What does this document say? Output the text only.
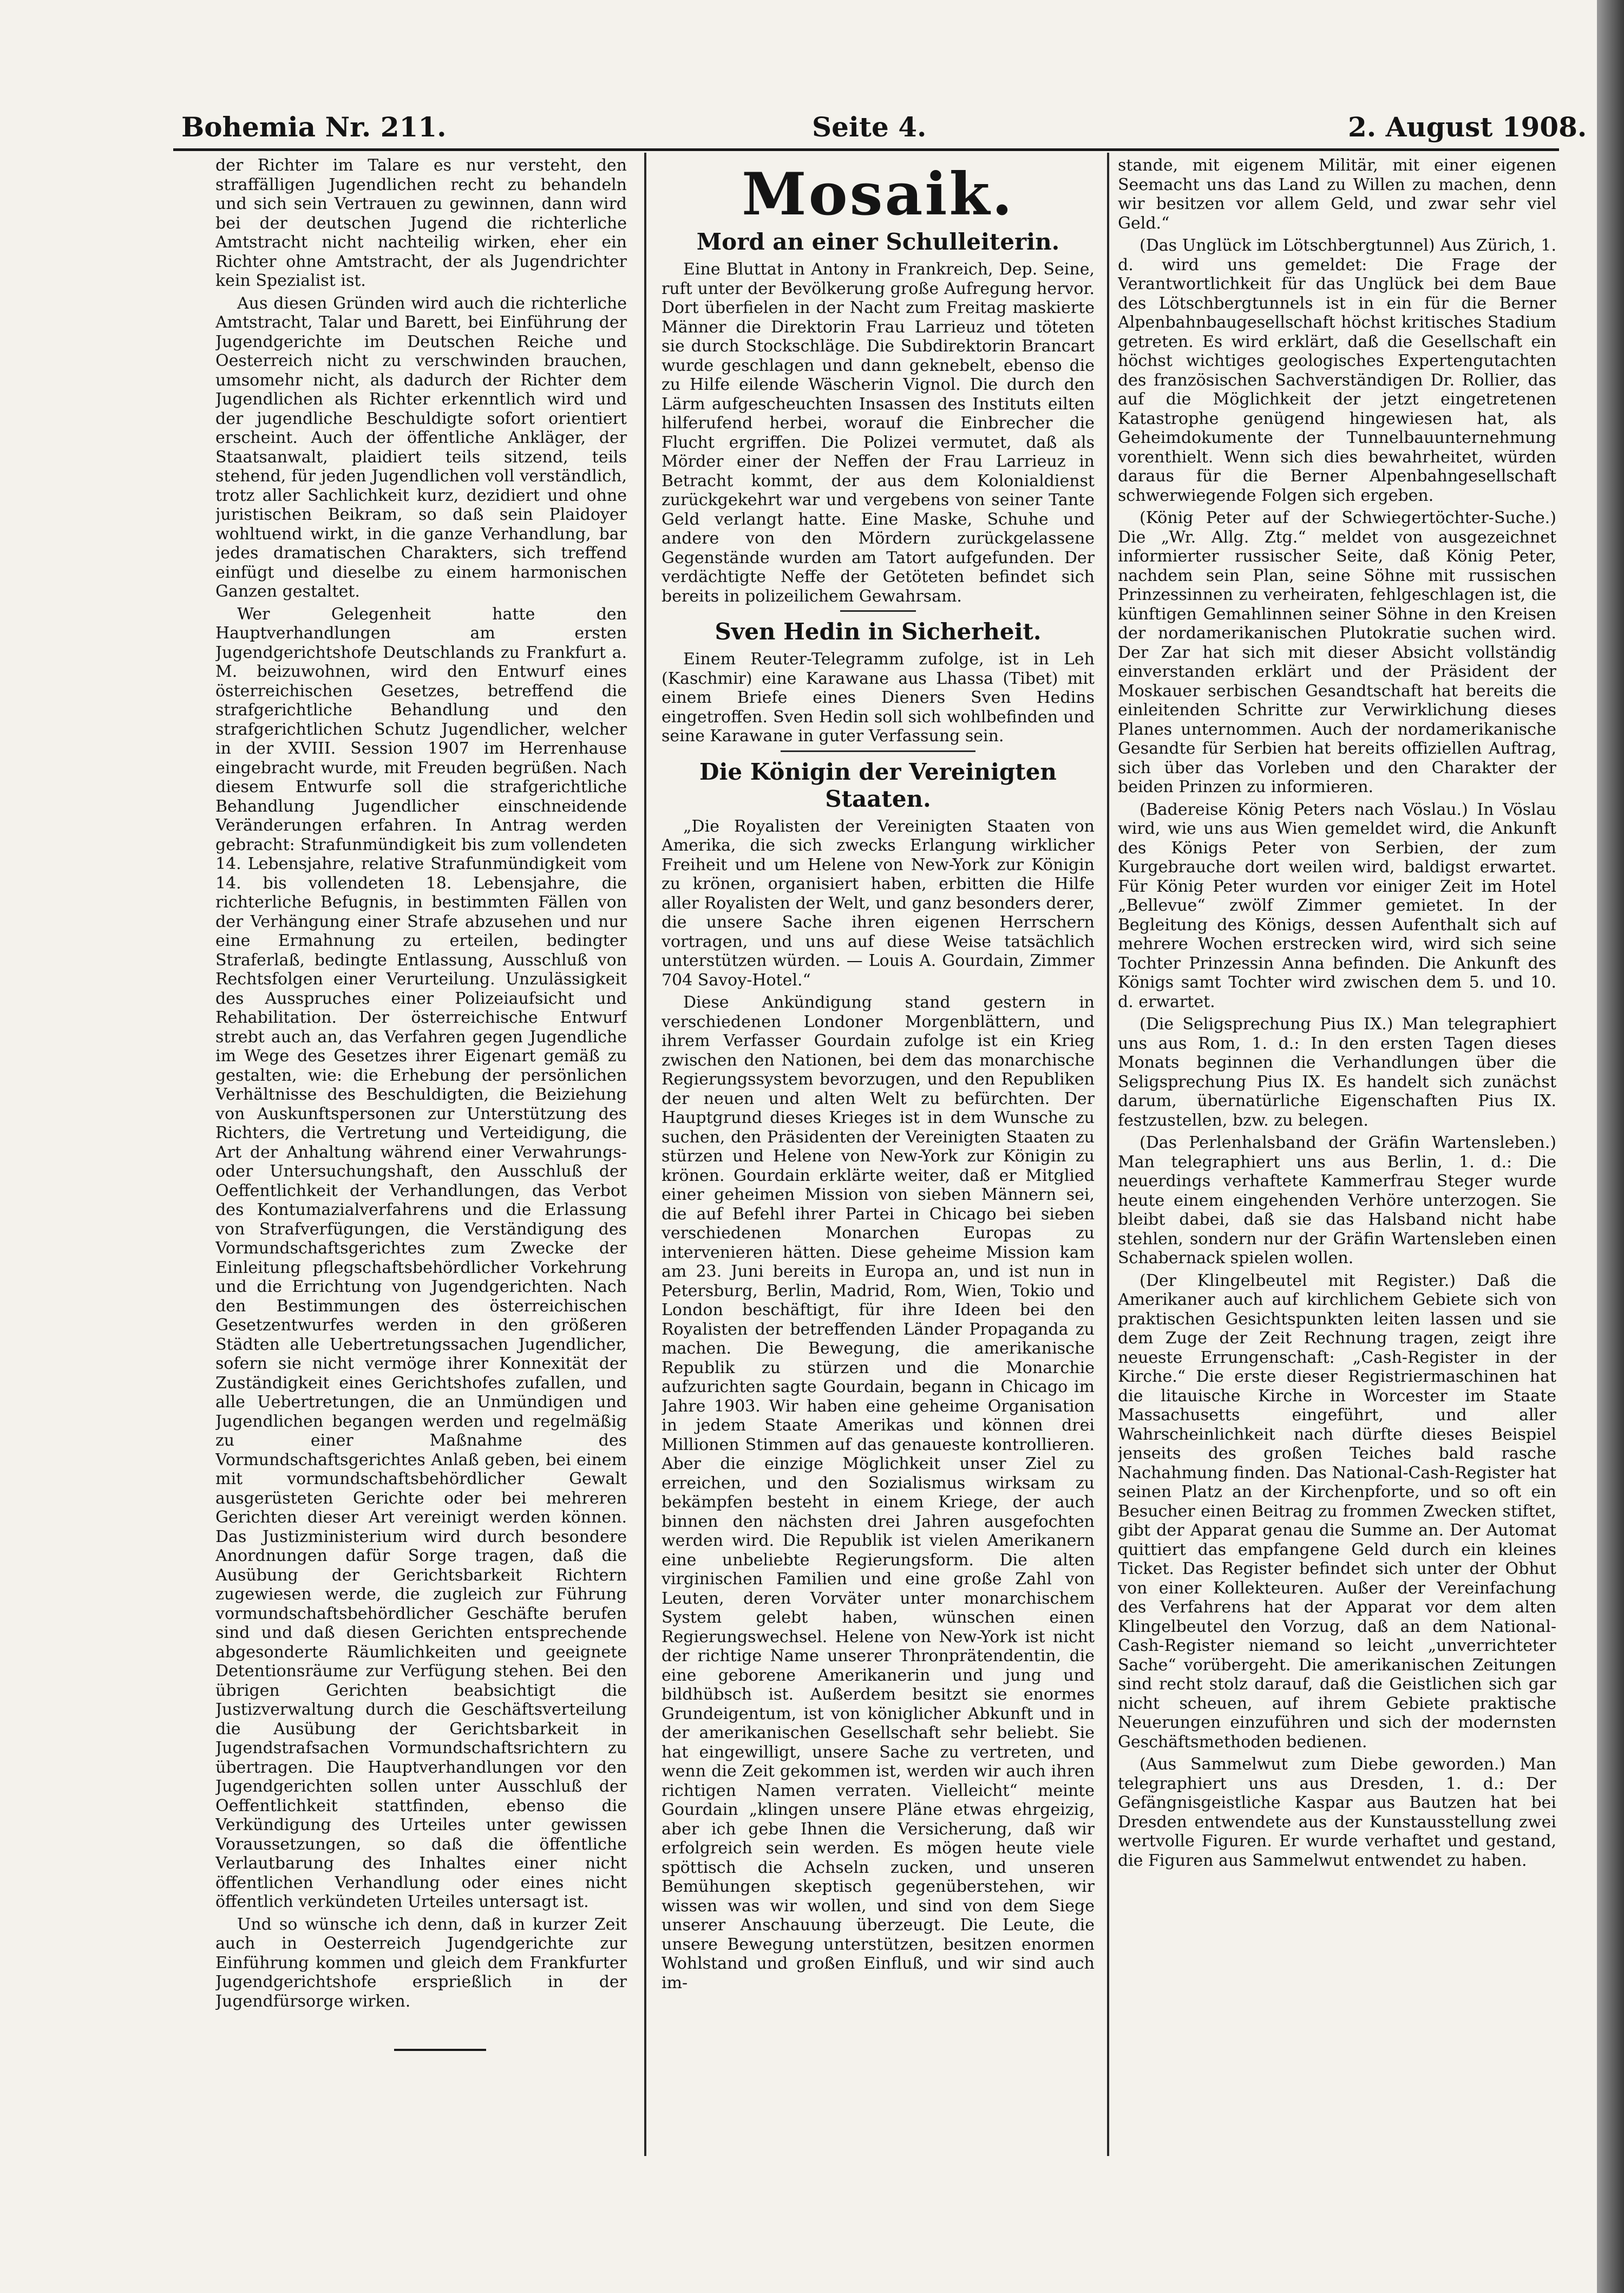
Bohemia Nr. 211.	Seite 4.	2. August 1908.

der Richter im Talare es nur versteht, den straffälligen Jugendlichen recht zu behandeln und sich sein Vertrauen zu gewinnen, dann wird bei der deutschen Jugend die richterliche Amtstracht nicht nachteilig wirken, eher ein Richter ohne Amtstracht, der als Jugendrichter kein Spezialist ist.

Aus diesen Gründen wird auch die richterliche Amtstracht, Talar und Barett, bei Einführung der Jugendgerichte im Deutschen Reiche und Oesterreich nicht zu verschwinden brauchen, umsomehr nicht, als dadurch der Richter dem Jugendlichen als Richter erkenntlich wird und der jugendliche Beschuldigte sofort orientiert erscheint. Auch der öffentliche Ankläger, der Staatsanwalt, plaidiert teils sitzend, teils stehend, für jeden Jugendlichen voll verständlich, trotz aller Sachlichkeit kurz, dezidiert und ohne juristischen Beikram, so daß sein Plaidoyer wohltuend wirkt, in die ganze Verhandlung, bar jedes dramatischen Charakters, sich treffend einfügt und dieselbe zu einem harmonischen Ganzen gestaltet.

Wer Gelegenheit hatte den Hauptverhandlungen am ersten Jugendgerichtshofe Deutschlands zu Frankfurt a. M. beizuwohnen, wird den Entwurf eines österreichischen Gesetzes, betreffend die strafgerichtliche Behandlung und den strafgerichtlichen Schutz Jugendlicher, welcher in der XVIII. Session 1907 im Herrenhause eingebracht wurde, mit Freuden begrüßen. Nach diesem Entwurfe soll die strafgerichtliche Behandlung Jugendlicher einschneidende Veränderungen erfahren. In Antrag werden gebracht: Strafunmündigkeit bis zum vollendeten 14. Lebensjahre, relative Strafunmündigkeit vom 14. bis vollendeten 18. Lebensjahre, die richterliche Befugnis, in bestimmten Fällen von der Verhängung einer Strafe abzusehen und nur eine Ermahnung zu erteilen, bedingter Straferlaß, bedingte Entlassung, Ausschluß von Rechtsfolgen einer Verurteilung. Unzulässigkeit des Ausspruches einer Polizeiaufsicht und Rehabilitation. Der österreichische Entwurf strebt auch an, das Verfahren gegen Jugendliche im Wege des Gesetzes ihrer Eigenart gemäß zu gestalten, wie: die Erhebung der persönlichen Verhältnisse des Beschuldigten, die Beiziehung von Auskunftspersonen zur Unterstützung des Richters, die Vertretung und Verteidigung, die Art der Anhaltung während einer Verwahrungs- oder Untersuchungshaft, den Ausschluß der Oeffentlichkeit der Verhandlungen, das Verbot des Kontumazialverfahrens und die Erlassung von Strafverfügungen, die Verständigung des Vormundschaftsgerichtes zum Zwecke der Einleitung pflegschaftsbehördlicher Vorkehrung und die Errichtung von Jugendgerichten. Nach den Bestimmungen des österreichischen Gesetzentwurfes werden in den größeren Städten alle Uebertretungssachen Jugendlicher, sofern sie nicht vermöge ihrer Konnexität der Zuständigkeit eines Gerichtshofes zufallen, und alle Uebertretungen, die an Unmündigen und Jugendlichen begangen werden und regelmäßig zu einer Maßnahme des Vormundschaftsgerichtes Anlaß geben, bei einem mit vormundschaftsbehördlicher Gewalt ausgerüsteten Gerichte oder bei mehreren Gerichten dieser Art vereinigt werden können. Das Justizministerium wird durch besondere Anordnungen dafür Sorge tragen, daß die Ausübung der Gerichtsbarkeit Richtern zugewiesen werde, die zugleich zur Führung vormundschaftsbehördlicher Geschäfte berufen sind und daß diesen Gerichten entsprechende abgesonderte Räumlichkeiten und geeignete Detentionsräume zur Verfügung stehen. Bei den übrigen Gerichten beabsichtigt die Justizverwaltung durch die Geschäftsverteilung die Ausübung der Gerichtsbarkeit in Jugendstrafsachen Vormundschaftsrichtern zu übertragen. Die Hauptverhandlungen vor den Jugendgerichten sollen unter Ausschluß der Oeffentlichkeit stattfinden, ebenso die Verkündigung des Urteiles unter gewissen Voraussetzungen, so daß die öffentliche Verlautbarung des Inhaltes einer nicht öffentlichen Verhandlung oder eines nicht öffentlich verkündeten Urteiles untersagt ist.

Und so wünsche ich denn, daß in kurzer Zeit auch in Oesterreich Jugendgerichte zur Einführung kommen und gleich dem Frankfurter Jugendgerichtshofe ersprießlich in der Jugendfürsorge wirken.

Mosaik.
Mord an einer Schulleiterin.

Eine Bluttat in Antony in Frankreich, Dep. Seine, ruft unter der Bevölkerung große Aufregung hervor. Dort überfielen in der Nacht zum Freitag maskierte Männer die Direktorin Frau Larrieuz und töteten sie durch Stockschläge. Die Subdirektorin Brancart wurde geschlagen und dann geknebelt, ebenso die zu Hilfe eilende Wäscherin Vignol. Die durch den Lärm aufgescheuchten Insassen des Instituts eilten hilferufend herbei, worauf die Einbrecher die Flucht ergriffen. Die Polizei vermutet, daß als Mörder einer der Neffen der Frau Larrieuz in Betracht kommt, der aus dem Kolonialdienst zurückgekehrt war und vergebens von seiner Tante Geld verlangt hatte. Eine Maske, Schuhe und andere von den Mördern zurückgelassene Gegenstände wurden am Tatort aufgefunden. Der verdächtigte Neffe der Getöteten befindet sich bereits in polizeilichem Gewahrsam.

Sven Hedin in Sicherheit.

Einem Reuter-Telegramm zufolge, ist in Leh (Kaschmir) eine Karawane aus Lhassa (Tibet) mit einem Briefe eines Dieners Sven Hedins eingetroffen. Sven Hedin soll sich wohlbefinden und seine Karawane in guter Verfassung sein.

Die Königin der Vereinigten Staaten.

„Die Royalisten der Vereinigten Staaten von Amerika, die sich zwecks Erlangung wirklicher Freiheit und um Helene von New-York zur Königin zu krönen, organisiert haben, erbitten die Hilfe aller Royalisten der Welt, und ganz besonders derer, die unsere Sache ihren eigenen Herrschern vortragen, und uns auf diese Weise tatsächlich unterstützen würden. — Louis A. Gourdain, Zimmer 704 Savoy-Hotel.“

Diese Ankündigung stand gestern in verschiedenen Londoner Morgenblättern, und ihrem Verfasser Gourdain zufolge ist ein Krieg zwischen den Nationen, bei dem das monarchische Regierungssystem bevorzugen, und den Republiken der neuen und alten Welt zu befürchten. Der Hauptgrund dieses Krieges ist in dem Wunsche zu suchen, den Präsidenten der Vereinigten Staaten zu stürzen und Helene von New-York zur Königin zu krönen. Gourdain erklärte weiter, daß er Mitglied einer geheimen Mission von sieben Männern sei, die auf Befehl ihrer Partei in Chicago bei sieben verschiedenen Monarchen Europas zu intervenieren hätten. Diese geheime Mission kam am 23. Juni bereits in Europa an, und ist nun in Petersburg, Berlin, Madrid, Rom, Wien, Tokio und London beschäftigt, für ihre Ideen bei den Royalisten der betreffenden Länder Propaganda zu machen. Die Bewegung, die amerikanische Republik zu stürzen und die Monarchie aufzurichten sagte Gourdain, begann in Chicago im Jahre 1903. Wir haben eine geheime Organisation in jedem Staate Amerikas und können drei Millionen Stimmen auf das genaueste kontrollieren. Aber die einzige Möglichkeit unser Ziel zu erreichen, und den Sozialismus wirksam zu bekämpfen besteht in einem Kriege, der auch binnen den nächsten drei Jahren ausgefochten werden wird. Die Republik ist vielen Amerikanern eine unbeliebte Regierungsform. Die alten virginischen Familien und eine große Zahl von Leuten, deren Vorväter unter monarchischem System gelebt haben, wünschen einen Regierungswechsel. Helene von New-York ist nicht der richtige Name unserer Thronprätendentin, die eine geborene Amerikanerin und jung und bildhübsch ist. Außerdem besitzt sie enormes Grundeigentum, ist von königlicher Abkunft und in der amerikanischen Gesellschaft sehr beliebt. Sie hat eingewilligt, unsere Sache zu vertreten, und wenn die Zeit gekommen ist, werden wir auch ihren richtigen Namen verraten. Vielleicht“ meinte Gourdain „klingen unsere Pläne etwas ehrgeizig, aber ich gebe Ihnen die Versicherung, daß wir erfolgreich sein werden. Es mögen heute viele spöttisch die Achseln zucken, und unseren Bemühungen skeptisch gegenüberstehen, wir wissen was wir wollen, und sind von dem Siege unserer Anschauung überzeugt. Die Leute, die unsere Bewegung unterstützen, besitzen enormen Wohlstand und großen Einfluß, und wir sind auch im-

stande, mit eigenem Militär, mit einer eigenen Seemacht uns das Land zu Willen zu machen, denn wir besitzen vor allem Geld, und zwar sehr viel Geld.“

(Das Unglück im Lötschbergtunnel) Aus Zürich, 1. d. wird uns gemeldet: Die Frage der Verantwortlichkeit für das Unglück bei dem Baue des Lötschbergtunnels ist in ein für die Berner Alpenbahnbaugesellschaft höchst kritisches Stadium getreten. Es wird erklärt, daß die Gesellschaft ein höchst wichtiges geologisches Expertengutachten des französischen Sachverständigen Dr. Rollier, das auf die Möglichkeit der jetzt eingetretenen Katastrophe genügend hingewiesen hat, als Geheimdokumente der Tunnelbauunternehmung vorenthielt. Wenn sich dies bewahrheitet, würden daraus für die Berner Alpenbahngesellschaft schwerwiegende Folgen sich ergeben.

(König Peter auf der Schwiegertöchter-Suche.) Die „Wr. Allg. Ztg.“ meldet von ausgezeichnet informierter russischer Seite, daß König Peter, nachdem sein Plan, seine Söhne mit russischen Prinzessinnen zu verheiraten, fehlgeschlagen ist, die künftigen Gemahlinnen seiner Söhne in den Kreisen der nordamerikanischen Plutokratie suchen wird. Der Zar hat sich mit dieser Absicht vollständig einverstanden erklärt und der Präsident der Moskauer serbischen Gesandtschaft hat bereits die einleitenden Schritte zur Verwirklichung dieses Planes unternommen. Auch der nordamerikanische Gesandte für Serbien hat bereits offiziellen Auftrag, sich über das Vorleben und den Charakter der beiden Prinzen zu informieren.

(Badereise König Peters nach Vöslau.) In Vöslau wird, wie uns aus Wien gemeldet wird, die Ankunft des Königs Peter von Serbien, der zum Kurgebrauche dort weilen wird, baldigst erwartet. Für König Peter wurden vor einiger Zeit im Hotel „Bellevue“ zwölf Zimmer gemietet. In der Begleitung des Königs, dessen Aufenthalt sich auf mehrere Wochen erstrecken wird, wird sich seine Tochter Prinzessin Anna befinden. Die Ankunft des Königs samt Tochter wird zwischen dem 5. und 10. d. erwartet.

(Die Seligsprechung Pius IX.) Man telegraphiert uns aus Rom, 1. d.: In den ersten Tagen dieses Monats beginnen die Verhandlungen über die Seligsprechung Pius IX. Es handelt sich zunächst darum, übernatürliche Eigenschaften Pius IX. festzustellen, bzw. zu belegen.

(Das Perlenhalsband der Gräfin Wartensleben.) Man telegraphiert uns aus Berlin, 1. d.: Die neuerdings verhaftete Kammerfrau Steger wurde heute einem eingehenden Verhöre unterzogen. Sie bleibt dabei, daß sie das Halsband nicht habe stehlen, sondern nur der Gräfin Wartensleben einen Schabernack spielen wollen.

(Der Klingelbeutel mit Register.) Daß die Amerikaner auch auf kirchlichem Gebiete sich von praktischen Gesichtspunkten leiten lassen und sie dem Zuge der Zeit Rechnung tragen, zeigt ihre neueste Errungenschaft: „Cash-Register in der Kirche.“ Die erste dieser Registriermaschinen hat die litauische Kirche in Worcester im Staate Massachusetts eingeführt, und aller Wahrscheinlichkeit nach dürfte dieses Beispiel jenseits des großen Teiches bald rasche Nachahmung finden. Das National-Cash-Register hat seinen Platz an der Kirchenpforte, und so oft ein Besucher einen Beitrag zu frommen Zwecken stiftet, gibt der Apparat genau die Summe an. Der Automat quittiert das empfangene Geld durch ein kleines Ticket. Das Register befindet sich unter der Obhut von einer Kollekteuren. Außer der Vereinfachung des Verfahrens hat der Apparat vor dem alten Klingelbeutel den Vorzug, daß an dem National-Cash-Register niemand so leicht „unverrichteter Sache“ vorübergeht. Die amerikanischen Zeitungen sind recht stolz darauf, daß die Geistlichen sich gar nicht scheuen, auf ihrem Gebiete praktische Neuerungen einzuführen und sich der modernsten Geschäftsmethoden bedienen.

(Aus Sammelwut zum Diebe geworden.) Man telegraphiert uns aus Dresden, 1. d.: Der Gefängnisgeistliche Kaspar aus Bautzen hat bei Dresden entwendete aus der Kunstausstellung zwei wertvolle Figuren. Er wurde verhaftet und gestand, die Figuren aus Sammelwut entwendet zu haben.
